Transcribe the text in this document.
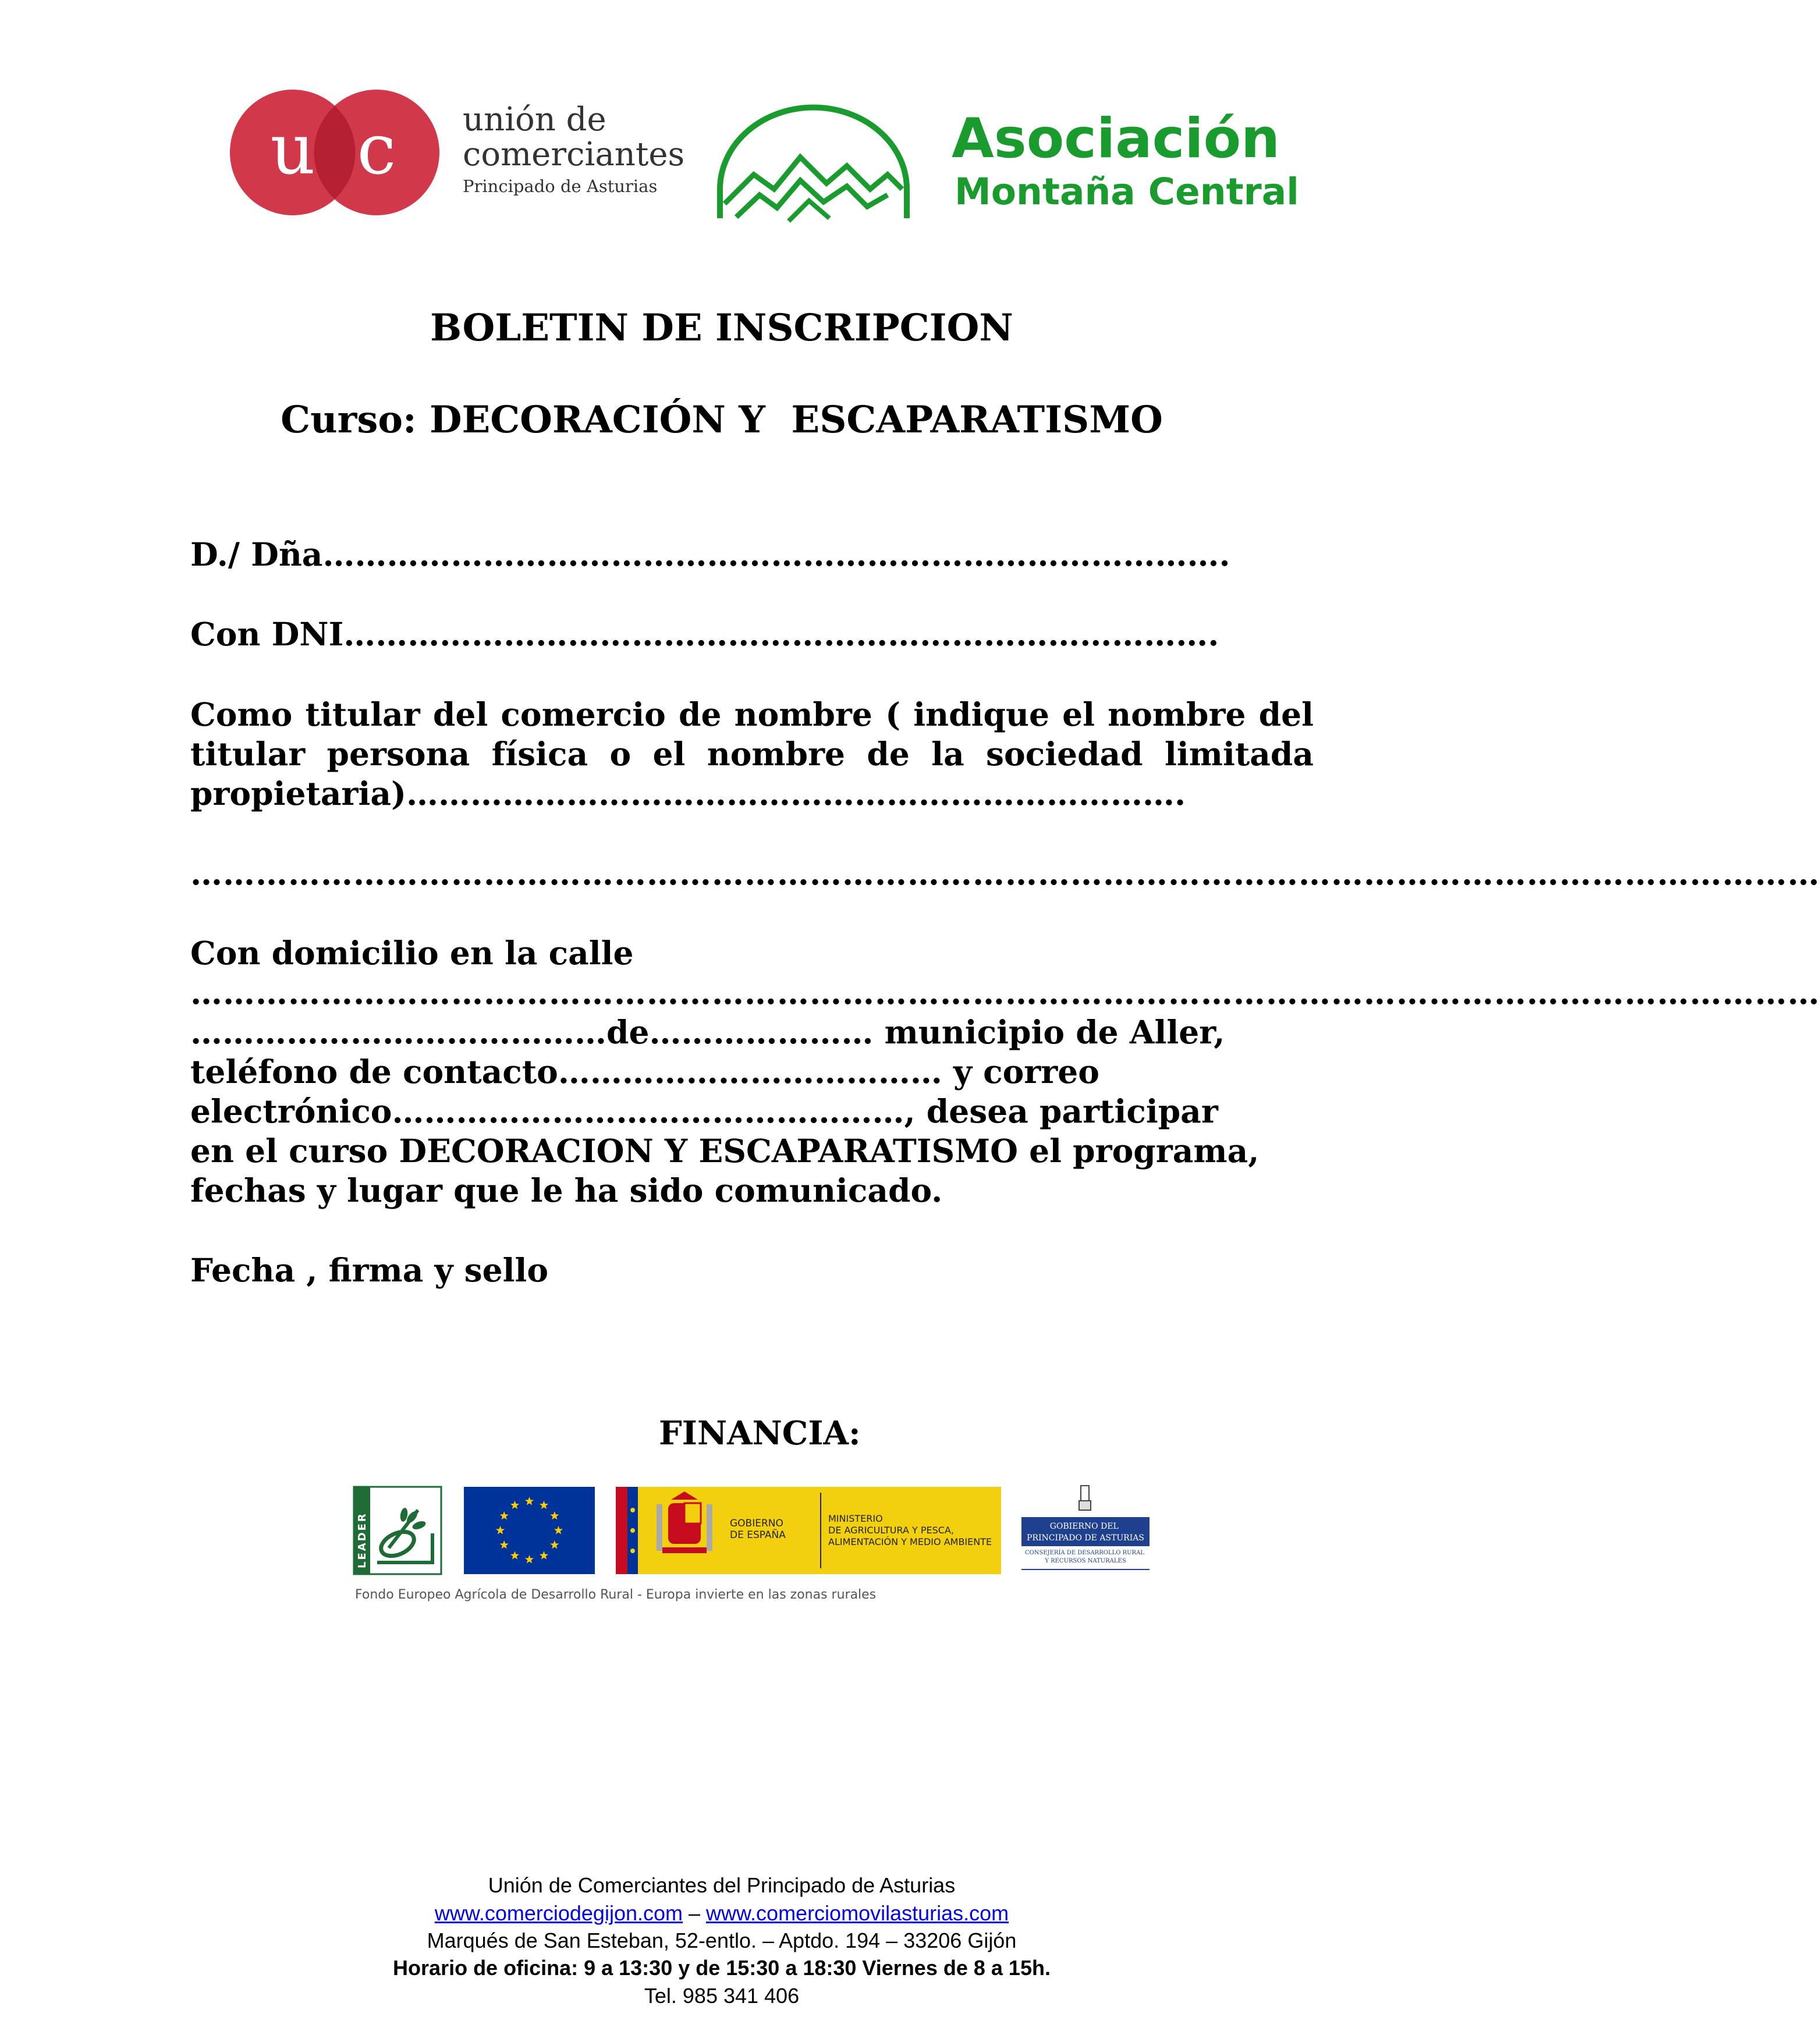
u c unión de
comerciantes
Principado de Asturias
Asociación
Montaña Central
BOLETIN DE INSCRIPCION
Curso: DECORACIÓN Y  ESCAPARATISMO
D./ Dña………………………………………………………………………….
Con DNI……………………………………………………………………….
Como titular del comercio de nombre ( indique el nombre del
titular persona física o el nombre de la sociedad limitada
propietaria)……………………………………………………………….
……………………………………………………………………………………………………………………………………
Con domicilio en la calle
……………………………………………………………………………………………………………………………………
…………………………………de………………… municipio de Aller,
teléfono de contacto……………………………… y correo
electrónico…………………………………………, desea participar
en el curso DECORACION Y ESCAPARATISMO el programa,
fechas y lugar que le ha sido comunicado.
Fecha , firma y sello
FINANCIA:
LEADER	GOBIERNO DE ESPAÑA
MINISTERIO DE AGRICULTURA Y PESCA, ALIMENTACIÓN Y MEDIO AMBIENTE
GOBIERNO DEL PRINCIPADO DE ASTURIAS
CONSEJERÍA DE DESARROLLO RURAL Y RECURSOS NATURALES
Fondo Europeo Agrícola de Desarrollo Rural - Europa invierte en las zonas rurales
Unión de Comerciantes del Principado de Asturias
www.comerciodegijon.com – www.comerciomovilasturias.com
Marqués de San Esteban, 52-entlo. – Aptdo. 194 – 33206 Gijón
Horario de oficina: 9 a 13:30 y de 15:30 a 18:30 Viernes de 8 a 15h.
Tel. 985 341 406
